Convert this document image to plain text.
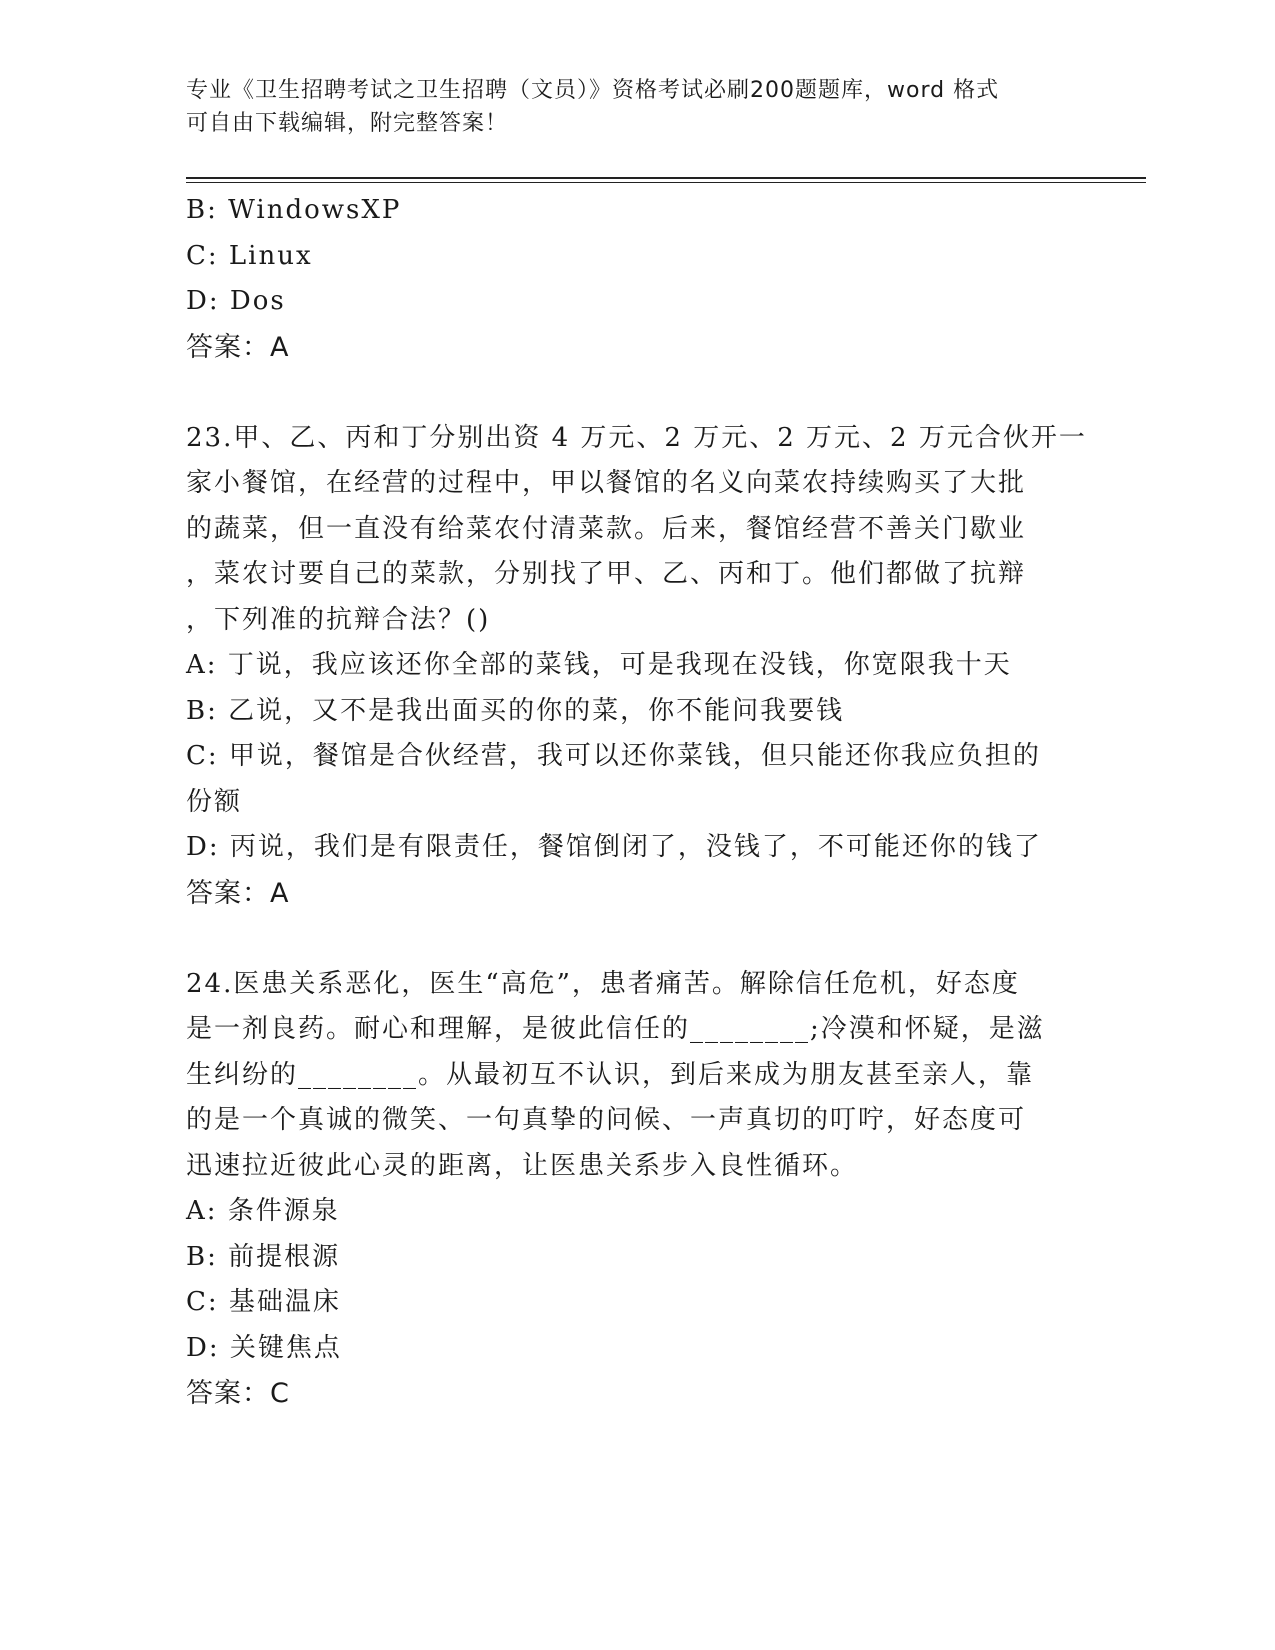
专业《卫生招聘考试之卫生招聘（文员）》资格考试必刷200题题库，word 格式
可自由下载编辑，附完整答案！
B: WindowsXP
C: Linux
D: Dos
答案：A
23.甲、乙、丙和丁分别出资 4 万元、2 万元、2 万元、2 万元合伙开一
家小餐馆，在经营的过程中，甲以餐馆的名义向菜农持续购买了大批
的蔬菜，但一直没有给菜农付清菜款。后来，餐馆经营不善关门歇业
，菜农讨要自己的菜款，分别找了甲、乙、丙和丁。他们都做了抗辩
，下列准的抗辩合法？()
A: 丁说，我应该还你全部的菜钱，可是我现在没钱，你宽限我十天
B: 乙说，又不是我出面买的你的菜，你不能问我要钱
C: 甲说，餐馆是合伙经营，我可以还你菜钱，但只能还你我应负担的
份额
D: 丙说，我们是有限责任，餐馆倒闭了，没钱了，不可能还你的钱了
答案：A
24.医患关系恶化，医生“高危”，患者痛苦。解除信任危机，好态度
是一剂良药。耐心和理解，是彼此信任的________;冷漠和怀疑，是滋
生纠纷的________。从最初互不认识，到后来成为朋友甚至亲人，靠
的是一个真诚的微笑、一句真挚的问候、一声真切的叮咛，好态度可
迅速拉近彼此心灵的距离，让医患关系步入良性循环。
A: 条件源泉
B: 前提根源
C: 基础温床
D: 关键焦点
答案：C
